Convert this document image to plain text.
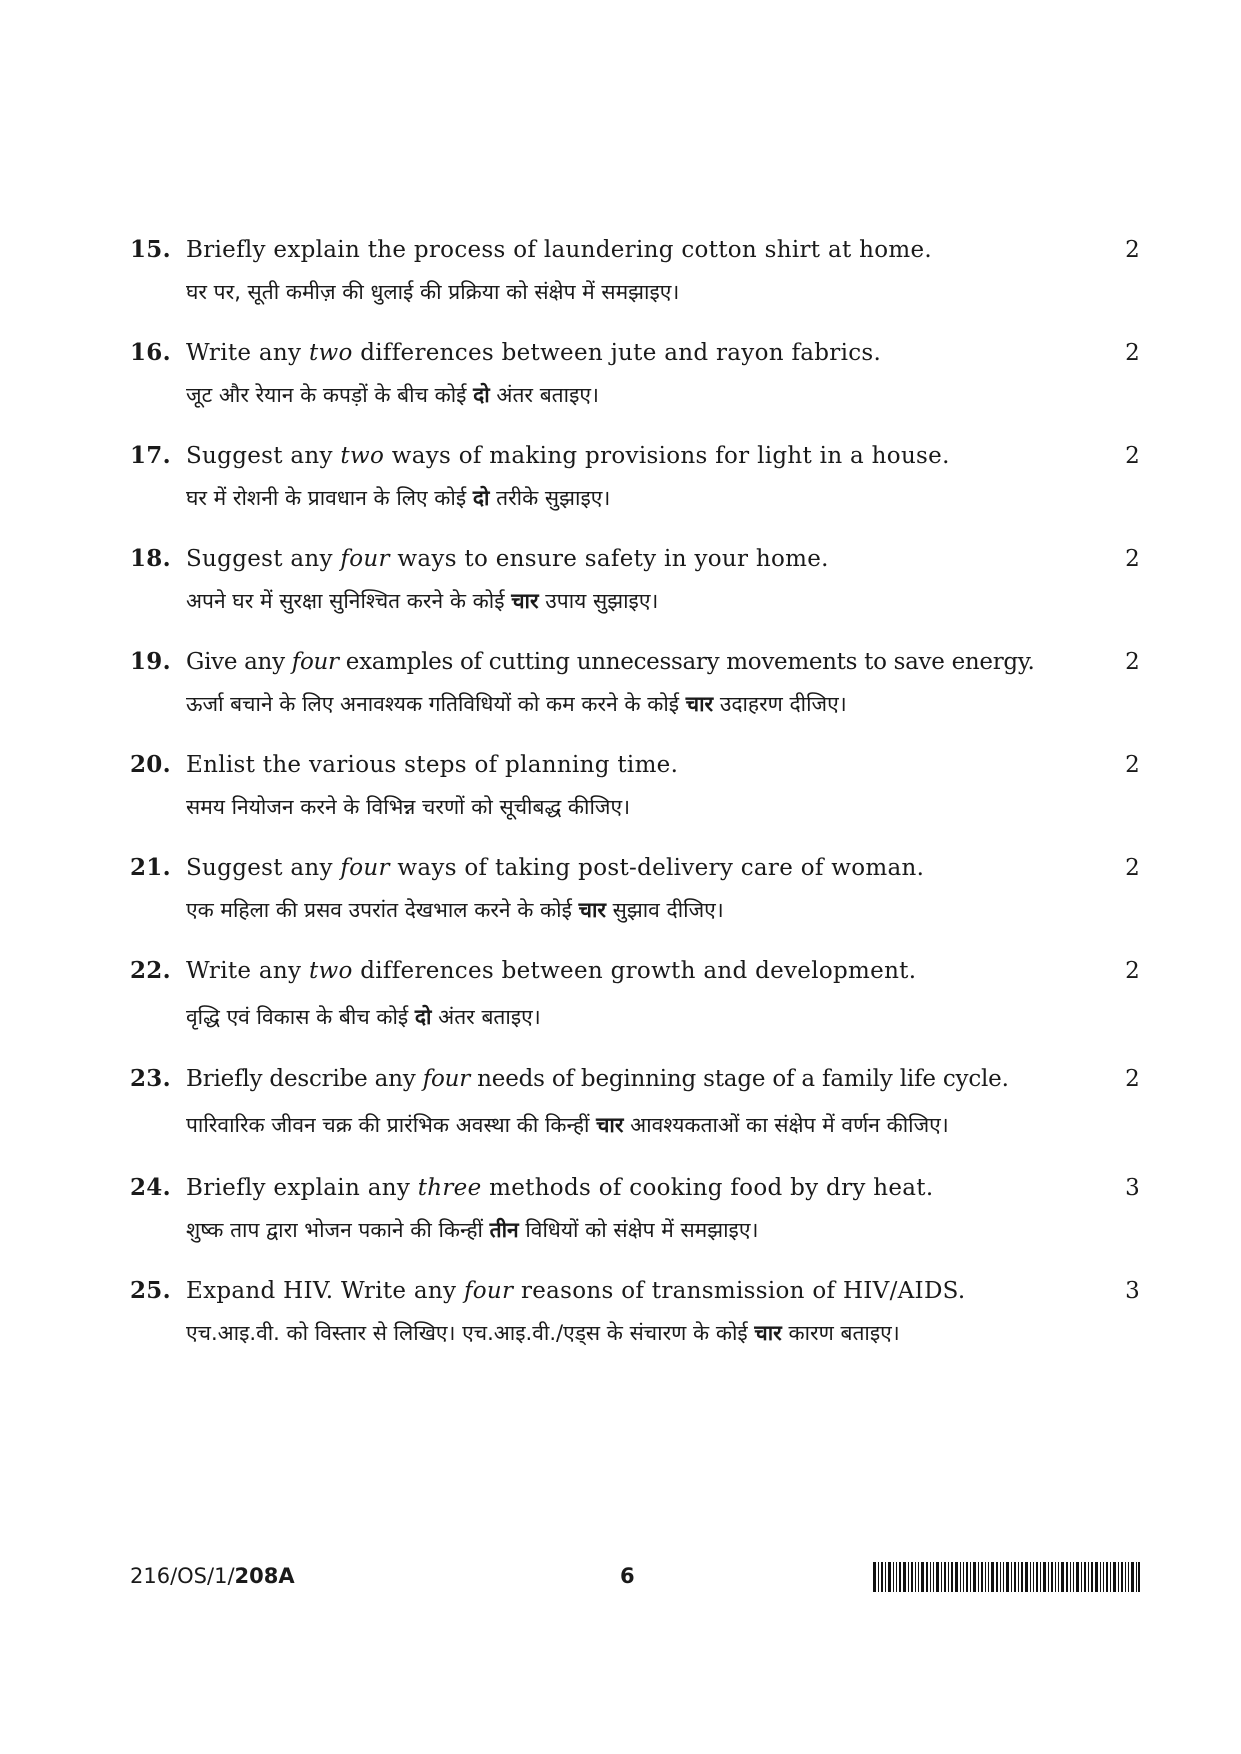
15. Briefly explain the process of laundering cotton shirt at home.	2
घर पर, सूती कमीज़ की धुलाई की प्रक्रिया को संक्षेप में समझाइए।
16. Write any two differences between jute and rayon fabrics.	2
जूट और रेयान के कपड़ों के बीच कोई दो अंतर बताइए।
17. Suggest any two ways of making provisions for light in a house.	2
घर में रोशनी के प्रावधान के लिए कोई दो तरीके सुझाइए।
18. Suggest any four ways to ensure safety in your home.	2
अपने घर में सुरक्षा सुनिश्चित करने के कोई चार उपाय सुझाइए।
19. Give any four examples of cutting unnecessary movements to save energy.	2
ऊर्जा बचाने के लिए अनावश्यक गतिविधियों को कम करने के कोई चार उदाहरण दीजिए।
20. Enlist the various steps of planning time.	2
समय नियोजन करने के विभिन्न चरणों को सूचीबद्ध कीजिए।
21. Suggest any four ways of taking post-delivery care of woman.	2
एक महिला की प्रसव उपरांत देखभाल करने के कोई चार सुझाव दीजिए।
22. Write any two differences between growth and development.	2
वृद्धि एवं विकास के बीच कोई दो अंतर बताइए।
23. Briefly describe any four needs of beginning stage of a family life cycle.	2
पारिवारिक जीवन चक्र की प्रारंभिक अवस्था की किन्हीं चार आवश्यकताओं का संक्षेप में वर्णन कीजिए।
24. Briefly explain any three methods of cooking food by dry heat.	3
शुष्क ताप द्वारा भोजन पकाने की किन्हीं तीन विधियों को संक्षेप में समझाइए।
25. Expand HIV. Write any four reasons of transmission of HIV/AIDS.	3
एच.आइ.वी. को विस्तार से लिखिए। एच.आइ.वी./एड्स के संचारण के कोई चार कारण बताइए।
216/OS/1/208A	6
